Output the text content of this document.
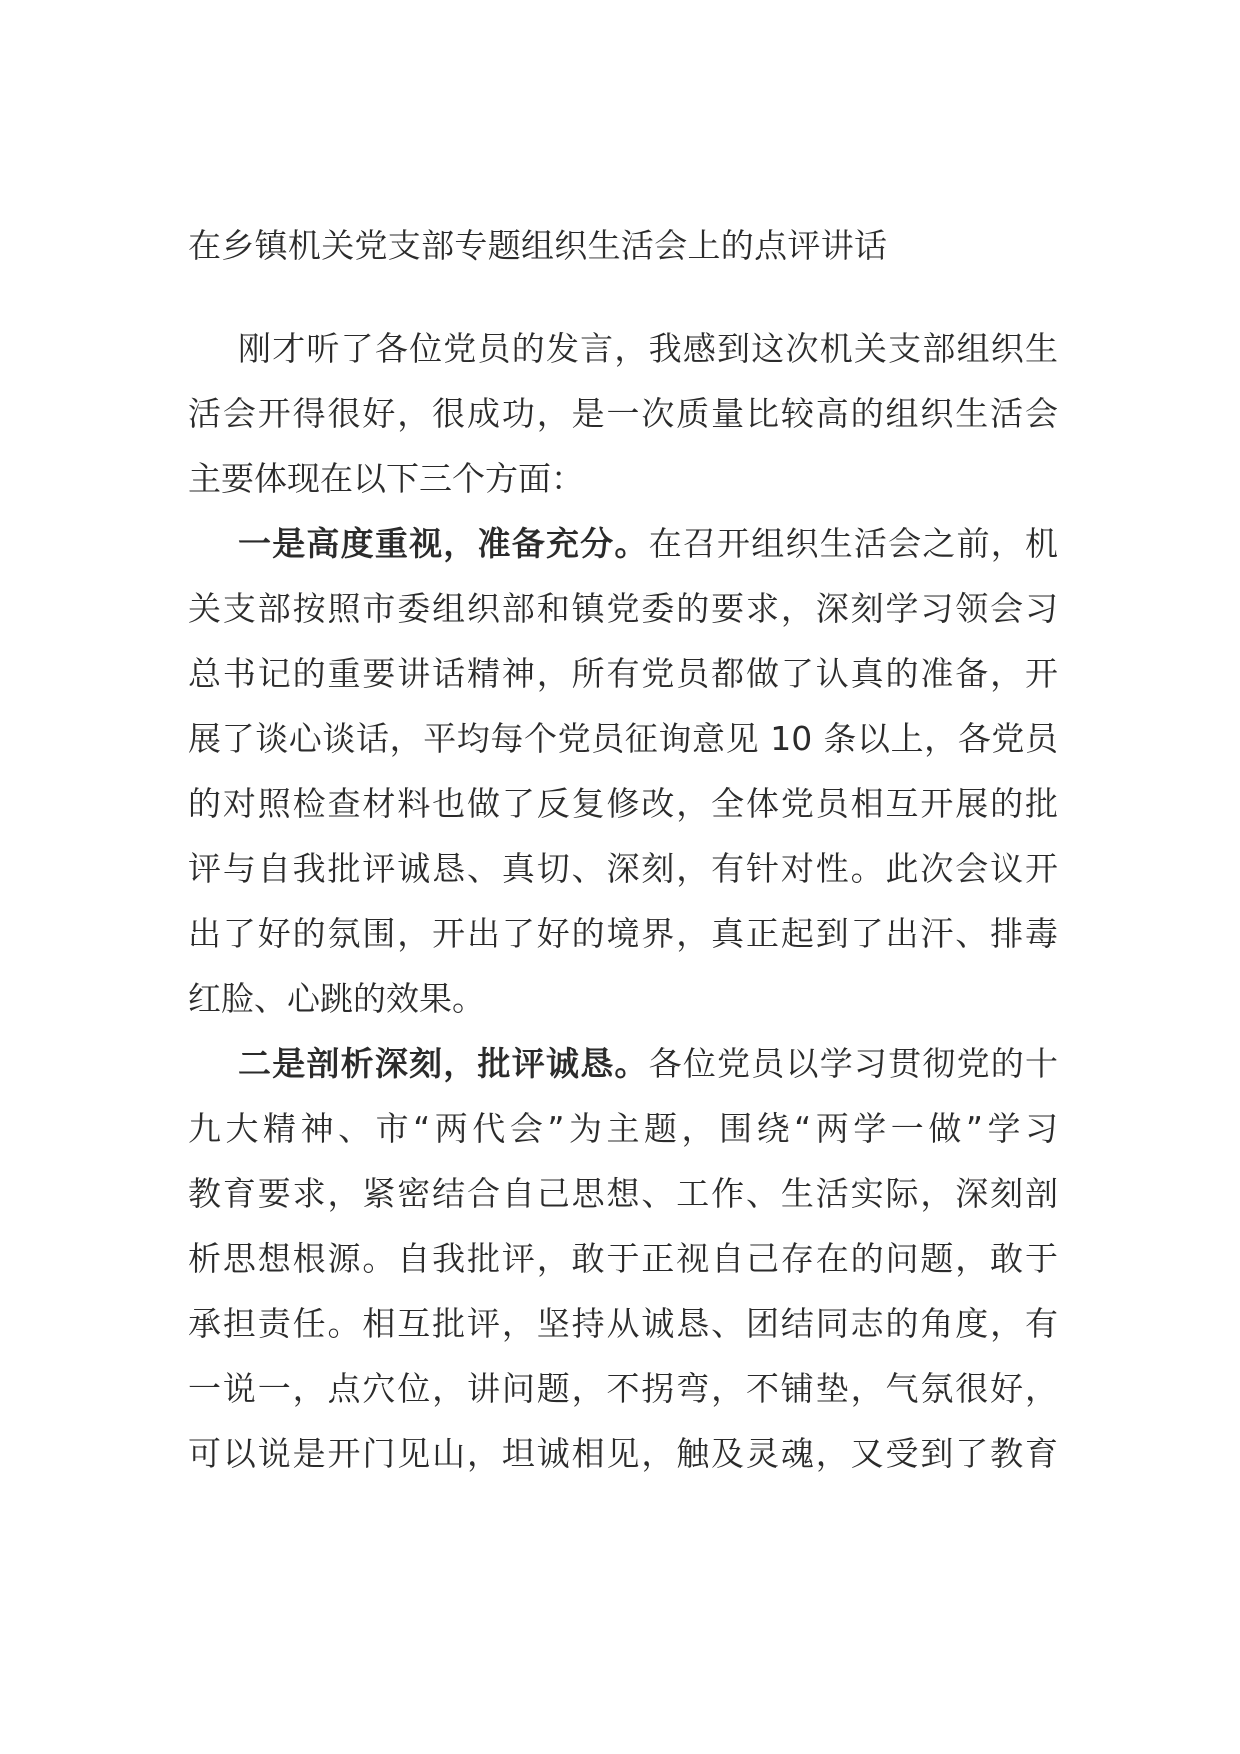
在乡镇机关党支部专题组织生活会上的点评讲话
刚才听了各位党员的发言，我感到这次机关支部组织生
活会开得很好，很成功，是一次质量比较高的组织生活会
主要体现在以下三个方面：
一是高度重视，准备充分。在召开组织生活会之前，机
关支部按照市委组织部和镇党委的要求，深刻学习领会习
总书记的重要讲话精神，所有党员都做了认真的准备，开
展了谈心谈话，平均每个党员征询意见 10 条以上，各党员
的对照检查材料也做了反复修改，全体党员相互开展的批
评与自我批评诚恳、真切、深刻，有针对性。此次会议开
出了好的氛围，开出了好的境界，真正起到了出汗、排毒
红脸、心跳的效果。
二是剖析深刻，批评诚恳。各位党员以学习贯彻党的十
九大精神、市“两代会”为主题，围绕“两学一做”学习
教育要求，紧密结合自己思想、工作、生活实际，深刻剖
析思想根源。自我批评，敢于正视自己存在的问题，敢于
承担责任。相互批评，坚持从诚恳、团结同志的角度，有
一说一，点穴位，讲问题，不拐弯，不铺垫，气氛很好，
可以说是开门见山，坦诚相见，触及灵魂，又受到了教育
